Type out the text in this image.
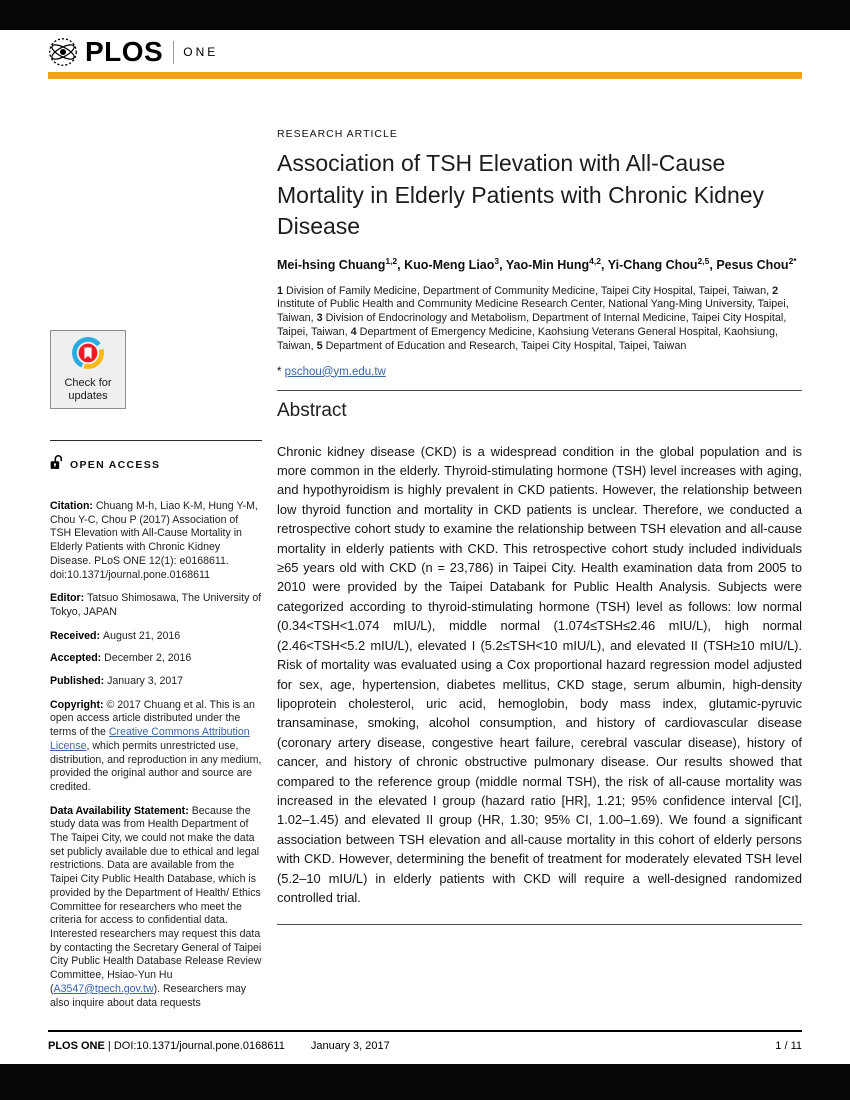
PLOS ONE
Check for
updates
OPEN ACCESS

Citation: Chuang M-h, Liao K-M, Hung Y-M, Chou Y-C, Chou P (2017) Association of TSH Elevation with All-Cause Mortality in Elderly Patients with Chronic Kidney Disease. PLoS ONE 12(1): e0168611. doi:10.1371/journal.pone.0168611

Editor: Tatsuo Shimosawa, The University of Tokyo, JAPAN

Received: August 21, 2016

Accepted: December 2, 2016

Published: January 3, 2017

Copyright: © 2017 Chuang et al. This is an open access article distributed under the terms of the Creative Commons Attribution License, which permits unrestricted use, distribution, and reproduction in any medium, provided the original author and source are credited.

Data Availability Statement: Because the study data was from Health Department of The Taipei City, we could not make the data set publicly available due to ethical and legal restrictions. Data are available from the Taipei City Public Health Database, which is provided by the Department of Health/ Ethics Committee for researchers who meet the criteria for access to confidential data. Interested researchers may request this data by contacting the Secretary General of Taipei City Public Health Database Release Review Committee, Hsiao-Yun Hu (A3547@tpech.gov.tw). Researchers may also inquire about data requests

RESEARCH ARTICLE
Association of TSH Elevation with All-Cause Mortality in Elderly Patients with Chronic Kidney Disease

Mei-hsing Chuang$^{1,2}$, Kuo-Meng Liao$^3$, Yao-Min Hung$^{4,2}$, Yi-Chang Chou$^{2,5}$, Pesus Chou$^{2*}$

1 Division of Family Medicine, Department of Community Medicine, Taipei City Hospital, Taipei, Taiwan, 2 Institute of Public Health and Community Medicine Research Center, National Yang-Ming University, Taipei, Taiwan, 3 Division of Endocrinology and Metabolism, Department of Internal Medicine, Taipei City Hospital, Taipei, Taiwan, 4 Department of Emergency Medicine, Kaohsiung Veterans General Hospital, Kaohsiung, Taiwan, 5 Department of Education and Research, Taipei City Hospital, Taipei, Taiwan

* pschou@ym.edu.tw

Abstract

Chronic kidney disease (CKD) is a widespread condition in the global population and is more common in the elderly. Thyroid-stimulating hormone (TSH) level increases with aging, and hypothyroidism is highly prevalent in CKD patients. However, the relationship between low thyroid function and mortality in CKD patients is unclear. Therefore, we conducted a retrospective cohort study to examine the relationship between TSH elevation and all-cause mortality in elderly patients with CKD. This retrospective cohort study included individuals ≥65 years old with CKD (n = 23,786) in Taipei City. Health examination data from 2005 to 2010 were provided by the Taipei Databank for Public Health Analysis. Subjects were categorized according to thyroid-stimulating hormone (TSH) level as follows: low normal (0.34<TSH<1.074 mIU/L), middle normal (1.074≤TSH≤2.46 mIU/L), high normal (2.46<TSH<5.2 mIU/L), elevated I (5.2≤TSH<10 mIU/L), and elevated II (TSH≥10 mIU/L). Risk of mortality was evaluated using a Cox proportional hazard regression model adjusted for sex, age, hypertension, diabetes mellitus, CKD stage, serum albumin, high-density lipoprotein cholesterol, uric acid, hemoglobin, body mass index, glutamic-pyruvic transaminase, smoking, alcohol consumption, and history of cardiovascular disease (coronary artery disease, congestive heart failure, cerebral vascular disease), history of cancer, and history of chronic obstructive pulmonary disease. Our results showed that compared to the reference group (middle normal TSH), the risk of all-cause mortality was increased in the elevated I group (hazard ratio [HR], 1.21; 95% confidence interval [CI], 1.02–1.45) and elevated II group (HR, 1.30; 95% CI, 1.00–1.69). We found a significant association between TSH elevation and all-cause mortality in this cohort of elderly persons with CKD. However, determining the benefit of treatment for moderately elevated TSH level (5.2–10 mIU/L) in elderly patients with CKD will require a well-designed randomized controlled trial.

PLOS ONE | DOI:10.1371/journal.pone.0168611 January 3, 2017	1 / 11
